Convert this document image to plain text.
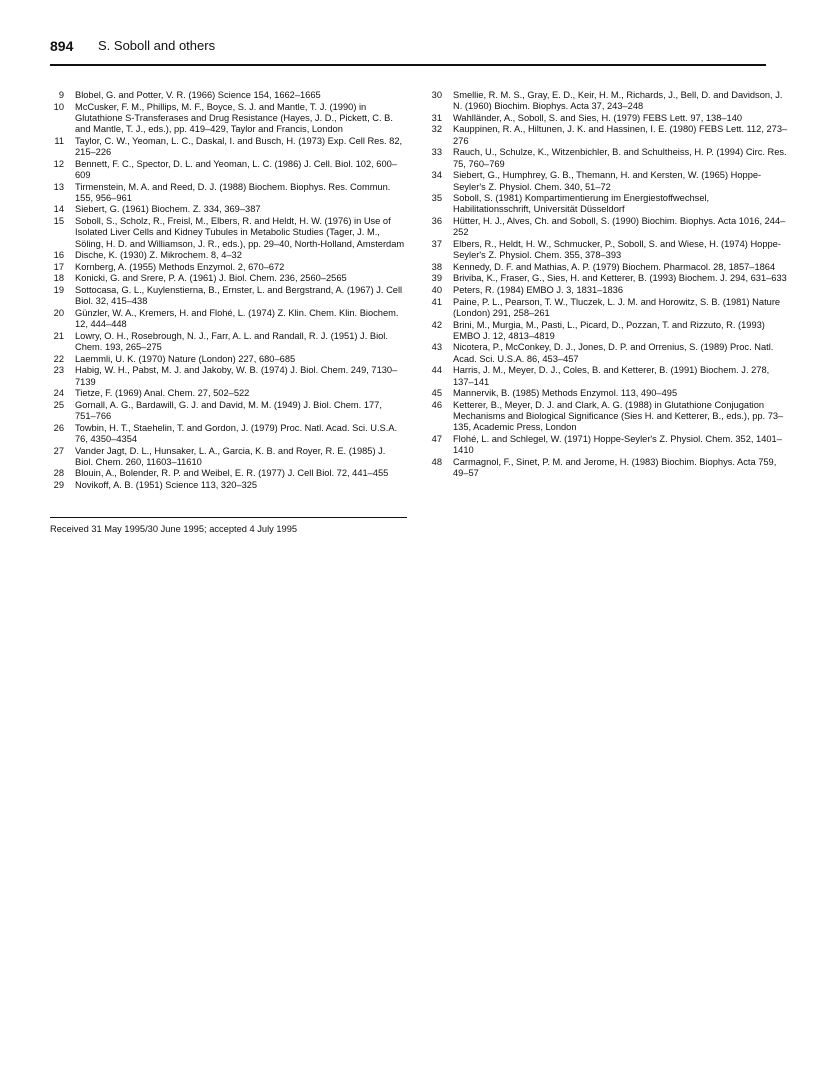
894 S. Soboll and others
9 Blobel, G. and Potter, V. R. (1966) Science 154, 1662–1665
10 McCusker, F. M., Phillips, M. F., Boyce, S. J. and Mantle, T. J. (1990) in Glutathione S-Transferases and Drug Resistance (Hayes, J. D., Pickett, C. B. and Mantle, T. J., eds.), pp. 419–429, Taylor and Francis, London
11 Taylor, C. W., Yeoman, L. C., Daskal, I. and Busch, H. (1973) Exp. Cell Res. 82, 215–226
12 Bennett, F. C., Spector, D. L. and Yeoman, L. C. (1986) J. Cell. Biol. 102, 600–609
13 Tirmenstein, M. A. and Reed, D. J. (1988) Biochem. Biophys. Res. Commun. 155, 956–961
14 Siebert, G. (1961) Biochem. Z. 334, 369–387
15 Soboll, S., Scholz, R., Freisl, M., Elbers, R. and Heldt, H. W. (1976) in Use of Isolated Liver Cells and Kidney Tubules in Metabolic Studies (Tager, J. M., Söling, H. D. and Williamson, J. R., eds.), pp. 29–40, North-Holland, Amsterdam
16 Dische, K. (1930) Z. Mikrochem. 8, 4–32
17 Kornberg, A. (1955) Methods Enzymol. 2, 670–672
18 Konicki, G. and Srere, P. A. (1961) J. Biol. Chem. 236, 2560–2565
19 Sottocasa, G. L., Kuylenstierna, B., Ernster, L. and Bergstrand, A. (1967) J. Cell Biol. 32, 415–438
20 Günzler, W. A., Kremers, H. and Flohé, L. (1974) Z. Klin. Chem. Klin. Biochem. 12, 444–448
21 Lowry, O. H., Rosebrough, N. J., Farr, A. L. and Randall, R. J. (1951) J. Biol. Chem. 193, 265–275
22 Laemmli, U. K. (1970) Nature (London) 227, 680–685
23 Habig, W. H., Pabst, M. J. and Jakoby, W. B. (1974) J. Biol. Chem. 249, 7130–7139
24 Tietze, F. (1969) Anal. Chem. 27, 502–522
25 Gornall, A. G., Bardawill, G. J. and David, M. M. (1949) J. Biol. Chem. 177, 751–766
26 Towbin, H. T., Staehelin, T. and Gordon, J. (1979) Proc. Natl. Acad. Sci. U.S.A. 76, 4350–4354
27 Vander Jagt, D. L., Hunsaker, L. A., Garcia, K. B. and Royer, R. E. (1985) J. Biol. Chem. 260, 11603–11610
28 Blouin, A., Bolender, R. P. and Weibel, E. R. (1977) J. Cell Biol. 72, 441–455
29 Novikoff, A. B. (1951) Science 113, 320–325
30 Smellie, R. M. S., Gray, E. D., Keir, H. M., Richards, J., Bell, D. and Davidson, J. N. (1960) Biochim. Biophys. Acta 37, 243–248
31 Wahlländer, A., Soboll, S. and Sies, H. (1979) FEBS Lett. 97, 138–140
32 Kauppinen, R. A., Hiltunen, J. K. and Hassinen, I. E. (1980) FEBS Lett. 112, 273–276
33 Rauch, U., Schulze, K., Witzenbichler, B. and Schultheiss, H. P. (1994) Circ. Res. 75, 760–769
34 Siebert, G., Humphrey, G. B., Themann, H. and Kersten, W. (1965) Hoppe-Seyler's Z. Physiol. Chem. 340, 51–72
35 Soboll, S. (1981) Kompartimentierung im Energiestoffwechsel, Habilitationsschrift, Universität Düsseldorf
36 Hütter, H. J., Alves, Ch. and Soboll, S. (1990) Biochim. Biophys. Acta 1016, 244–252
37 Elbers, R., Heldt, H. W., Schmucker, P., Soboll, S. and Wiese, H. (1974) Hoppe-Seyler's Z. Physiol. Chem. 355, 378–393
38 Kennedy, D. F. and Mathias, A. P. (1979) Biochem. Pharmacol. 28, 1857–1864
39 Briviba, K., Fraser, G., Sies, H. and Ketterer, B. (1993) Biochem. J. 294, 631–633
40 Peters, R. (1984) EMBO J. 3, 1831–1836
41 Paine, P. L., Pearson, T. W., Tluczek, L. J. M. and Horowitz, S. B. (1981) Nature (London) 291, 258–261
42 Brini, M., Murgia, M., Pasti, L., Picard, D., Pozzan, T. and Rizzuto, R. (1993) EMBO J. 12, 4813–4819
43 Nicotera, P., McConkey, D. J., Jones, D. P. and Orrenius, S. (1989) Proc. Natl. Acad. Sci. U.S.A. 86, 453–457
44 Harris, J. M., Meyer, D. J., Coles, B. and Ketterer, B. (1991) Biochem. J. 278, 137–141
45 Mannervik, B. (1985) Methods Enzymol. 113, 490–495
46 Ketterer, B., Meyer, D. J. and Clark, A. G. (1988) in Glutathione Conjugation Mechanisms and Biological Significance (Sies H. and Ketterer, B., eds.), pp. 73–135, Academic Press, London
47 Flohé, L. and Schlegel, W. (1971) Hoppe-Seyler's Z. Physiol. Chem. 352, 1401–1410
48 Carmagnol, F., Sinet, P. M. and Jerome, H. (1983) Biochim. Biophys. Acta 759, 49–57
Received 31 May 1995/30 June 1995; accepted 4 July 1995
